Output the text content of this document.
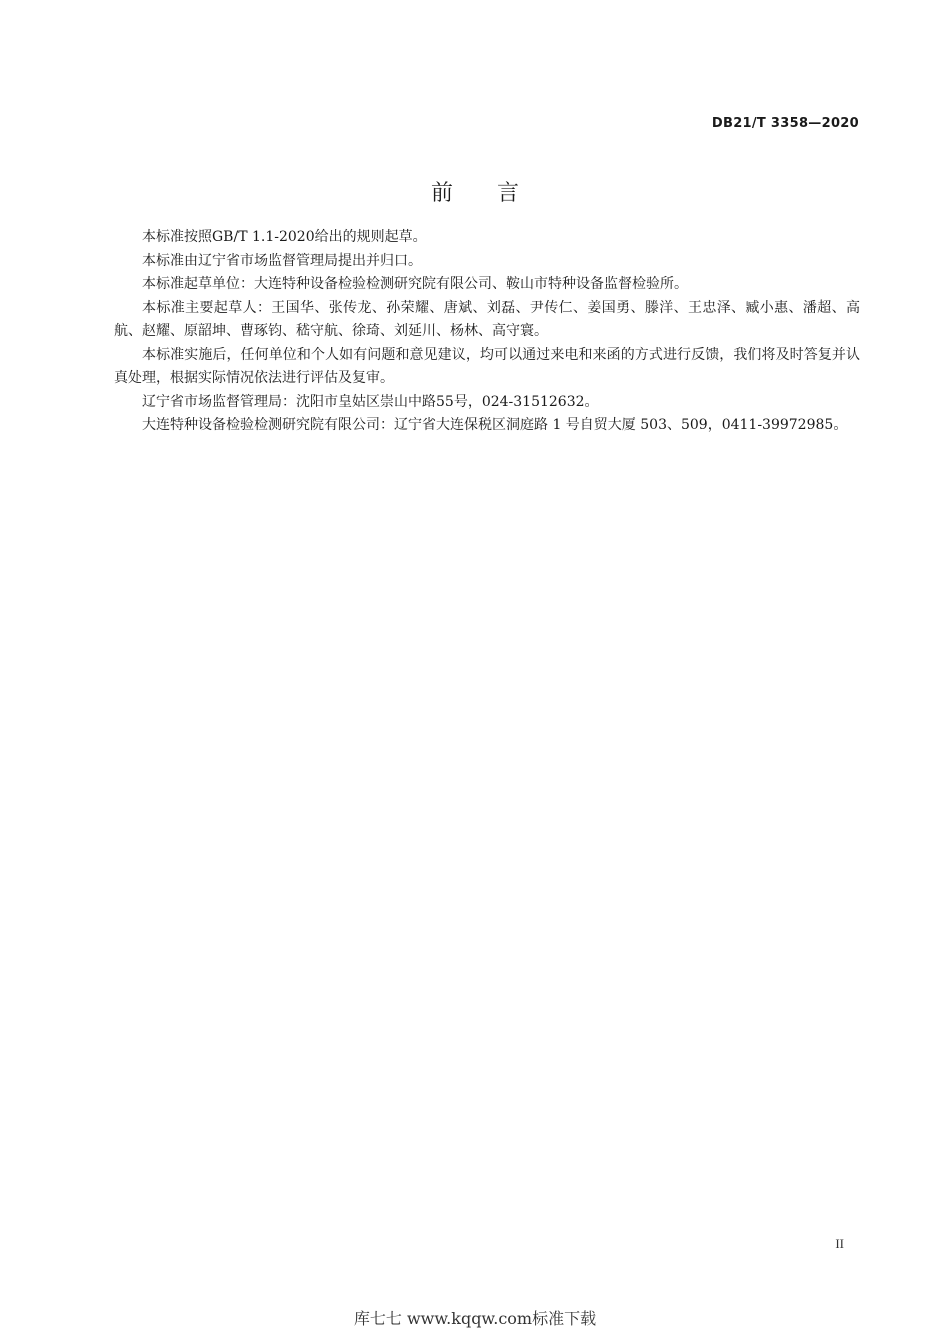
DB21/T 3358—2020
前言

本标准按照GB/T 1.1-2020给出的规则起草。

本标准由辽宁省市场监督管理局提出并归口。

本标准起草单位：大连特种设备检验检测研究院有限公司、鞍山市特种设备监督检验所。

本标准主要起草人：王国华、张传龙、孙荣耀、唐斌、刘磊、尹传仁、姜国勇、滕洋、王忠泽、臧小惠、潘超、高航、赵耀、原韶坤、曹琢钧、嵇守航、徐琦、刘延川、杨林、高守寰。

本标准实施后，任何单位和个人如有问题和意见建议，均可以通过来电和来函的方式进行反馈，我们将及时答复并认真处理，根据实际情况依法进行评估及复审。

辽宁省市场监督管理局：沈阳市皇姑区崇山中路55号，024-31512632。

大连特种设备检验检测研究院有限公司：辽宁省大连保税区洞庭路 1 号自贸大厦 503、509，0411-39972985。

II
库七七 www.kqqw.com标准下载
